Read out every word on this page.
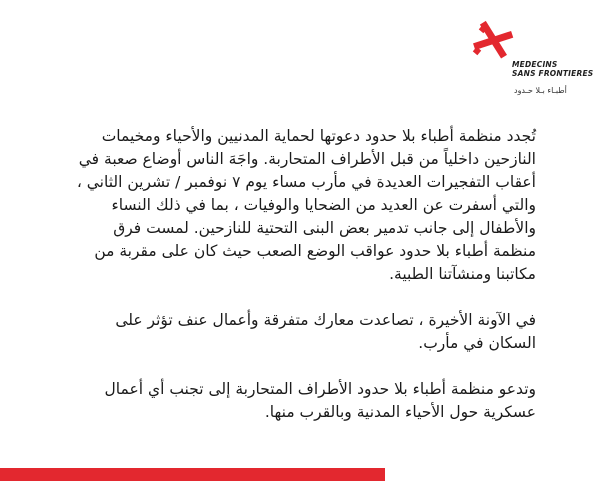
MEDECINS
SANS FRONTIERES
أطبـاء بـلا حـدود

تُجدد منظمة أطباء بلا حدود دعوتها لحماية المدنيين والأحياء ومخيمات النازحين داخلياً من قبل الأطراف المتحاربة. واجَهَ الناس أوضاع صعبة في أعقاب التفجيرات العديدة في مأرب مساء يوم ٧ نوفمبر / تشرين الثاني ، والتي أسفرت عن العديد من الضحايا والوفيات ، بما في ذلك النساء والأطفال إلى جانب تدمير بعض البنى التحتية للنازحين. لمست فرق منظمة أطباء بلا حدود عواقب الوضع الصعب حيث كان على مقربة من مكاتبنا ومنشآتنا الطبية.

في الآونة الأخيرة ، تصاعدت معارك متفرقة وأعمال عنف تؤثر على السكان في مأرب.

وتدعو منظمة أطباء بلا حدود الأطراف المتحاربة إلى تجنب أي أعمال عسكرية حول الأحياء المدنية وبالقرب منها.
